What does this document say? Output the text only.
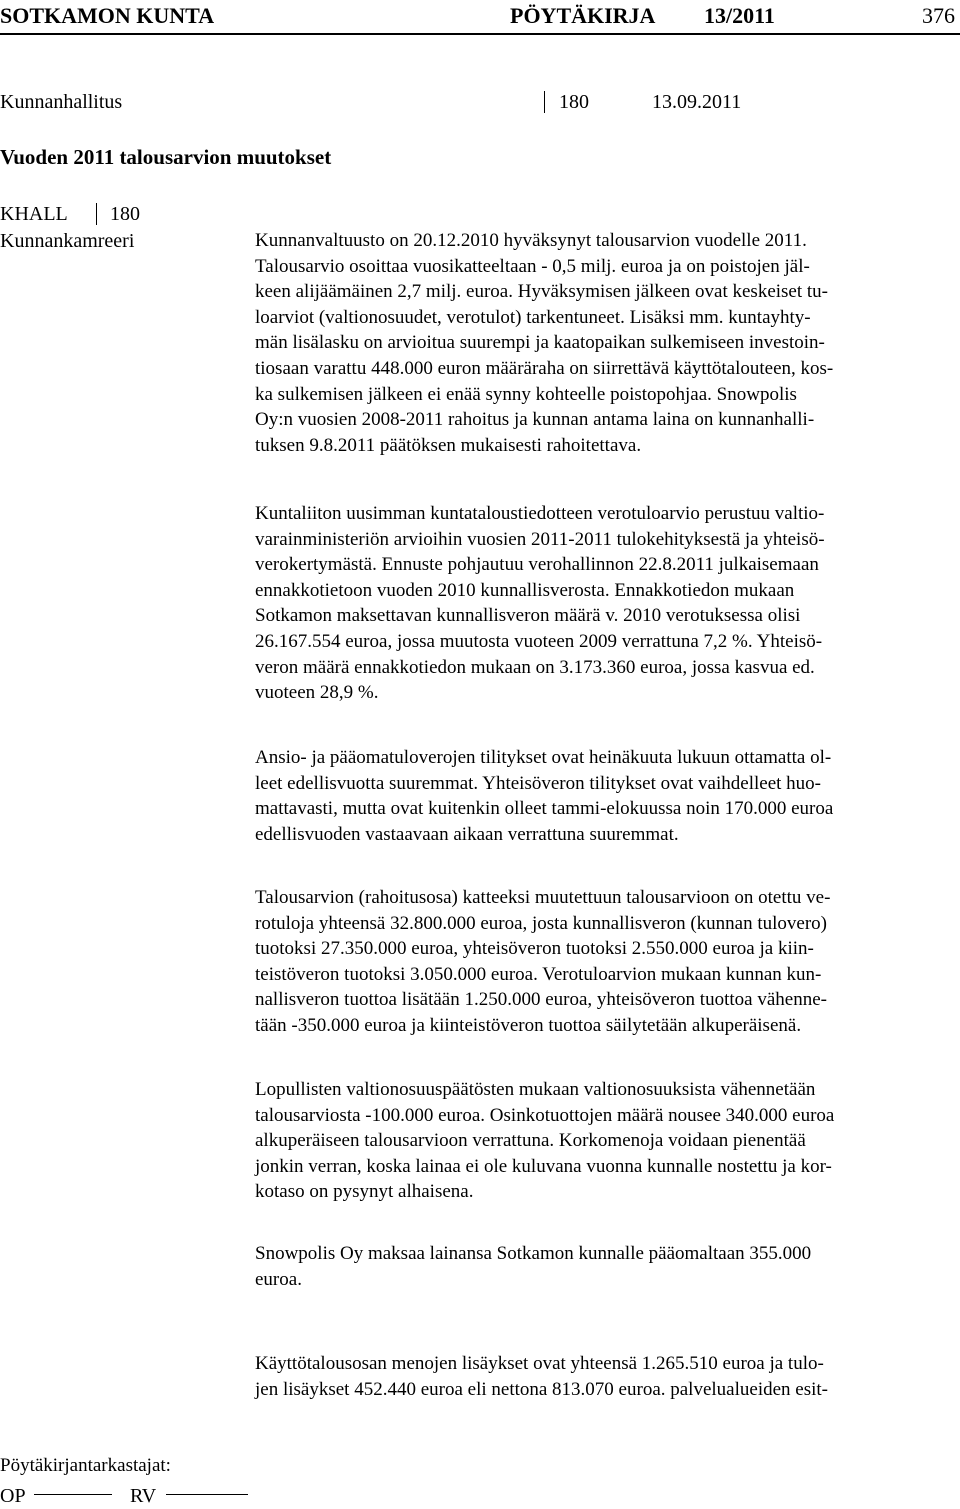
SOTKAMON KUNTA	PÖYTÄKIRJA 13/2011	376
Kunnanhallitus	180	13.09.2011
Vuoden 2011 talousarvion muutokset
KHALL 180
Kunnankamreeri	Kunnanvaltuusto on 20.12.2010 hyväksynyt talousarvion vuodelle 2011.
Talousarvio osoittaa vuosikatteeltaan - 0,5 milj. euroa ja on poistojen jäl-
keen alijäämäinen 2,7 milj. euroa. Hyväksymisen jälkeen ovat keskeiset tu-
loarviot (valtionosuudet, verotulot) tarkentuneet. Lisäksi mm. kuntayhty-
män lisälasku on arvioitua suurempi ja kaatopaikan sulkemiseen investoin-
tiosaan varattu 448.000 euron määräraha on siirrettävä käyttötalouteen, kos-
ka sulkemisen jälkeen ei enää synny kohteelle poistopohjaa. Snowpolis
Oy:n vuosien 2008-2011 rahoitus ja kunnan antama laina on kunnanhalli-
tuksen 9.8.2011 päätöksen mukaisesti rahoitettava.
Kuntaliiton uusimman kuntataloustiedotteen verotuloarvio perustuu valtio-
varainministeriön arvioihin vuosien 2011-2011 tulokehityksestä ja yhteisö-
verokertymästä. Ennuste pohjautuu verohallinnon 22.8.2011 julkaisemaan
ennakkotietoon vuoden 2010 kunnallisverosta. Ennakkotiedon mukaan
Sotkamon maksettavan kunnallisveron määrä v. 2010 verotuksessa olisi
26.167.554 euroa, jossa muutosta vuoteen 2009 verrattuna 7,2 %. Yhteisö-
veron määrä ennakkotiedon mukaan on 3.173.360 euroa, jossa kasvua ed.
vuoteen 28,9 %.
Ansio- ja pääomatuloverojen tilitykset ovat heinäkuuta lukuun ottamatta ol-
leet edellisvuotta suuremmat. Yhteisöveron tilitykset ovat vaihdelleet huo-
mattavasti, mutta ovat kuitenkin olleet tammi-elokuussa noin 170.000 euroa
edellisvuoden vastaavaan aikaan verrattuna suuremmat.
Talousarvion (rahoitusosa) katteeksi muutettuun talousarvioon on otettu ve-
rotuloja yhteensä 32.800.000 euroa, josta kunnallisveron (kunnan tulovero)
tuotoksi 27.350.000 euroa, yhteisöveron tuotoksi 2.550.000 euroa ja kiin-
teistöveron tuotoksi 3.050.000 euroa. Verotuloarvion mukaan kunnan kun-
nallisveron tuottoa lisätään 1.250.000 euroa, yhteisöveron tuottoa vähenne-
tään -350.000 euroa ja kiinteistöveron tuottoa säilytetään alkuperäisenä.
Lopullisten valtionosuuspäätösten mukaan valtionosuuksista vähennetään
talousarviosta -100.000 euroa. Osinkotuottojen määrä nousee 340.000 euroa
alkuperäiseen talousarvioon verrattuna. Korkomenoja voidaan pienentää
jonkin verran, koska lainaa ei ole kuluvana vuonna kunnalle nostettu ja kor-
kotaso on pysynyt alhaisena.
Snowpolis Oy maksaa lainansa Sotkamon kunnalle pääomaltaan 355.000
euroa.
Käyttötalousosan menojen lisäykset ovat yhteensä 1.265.510 euroa ja tulo-
jen lisäykset 452.440 euroa eli nettona 813.070 euroa. palvelualueiden esit-
Pöytäkirjantarkastajat:
OP	RV
